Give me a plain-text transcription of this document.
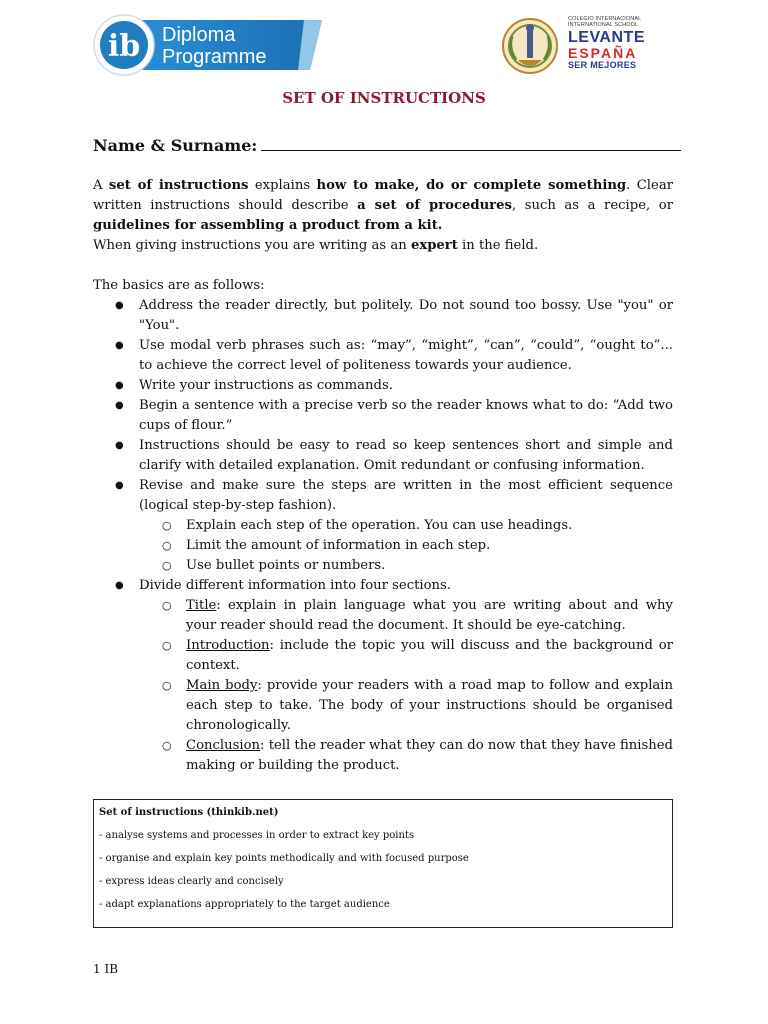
ib Diploma
Programme
COLEGIO INTERNACIONAL
INTERNATIONAL SCHOOL
LEVANTE
ESPAÑA
SER MEJORES
SET OF INSTRUCTIONS
Name & Surname:

A set of instructions explains how to make, do or complete something. Clear written instructions should describe a set of procedures, such as a recipe, or guidelines for assembling a product from a kit.

When giving instructions you are writing as an expert in the field.

The basics are as follows:

● Address the reader directly, but politely. Do not sound too bossy. Use "you" or "You".
● Use modal verb phrases such as: “may”, “might”, “can”, “could”, “ought to”... to achieve the correct level of politeness towards your audience.
● Write your instructions as commands.
● Begin a sentence with a precise verb so the reader knows what to do: “Add two cups of flour.”
● Instructions should be easy to read so keep sentences short and simple and clarify with detailed explanation. Omit redundant or confusing information.
● Revise and make sure the steps are written in the most efficient sequence (logical step-by-step fashion).
○ Explain each step of the operation. You can use headings.
○ Limit the amount of information in each step.
○ Use bullet points or numbers.
● Divide different information into four sections.
○ Title: explain in plain language what you are writing about and why your reader should read the document. It should be eye-catching.
○ Introduction: include the topic you will discuss and the background or context.
○ Main body: provide your readers with a road map to follow and explain each step to take. The body of your instructions should be organised chronologically.
○ Conclusion: tell the reader what they can do now that they have finished making or building the product.
Set of instructions (thinkib.net)
- analyse systems and processes in order to extract key points
- organise and explain key points methodically and with focused purpose
- express ideas clearly and concisely
- adapt explanations appropriately to the target audience
1 IB
